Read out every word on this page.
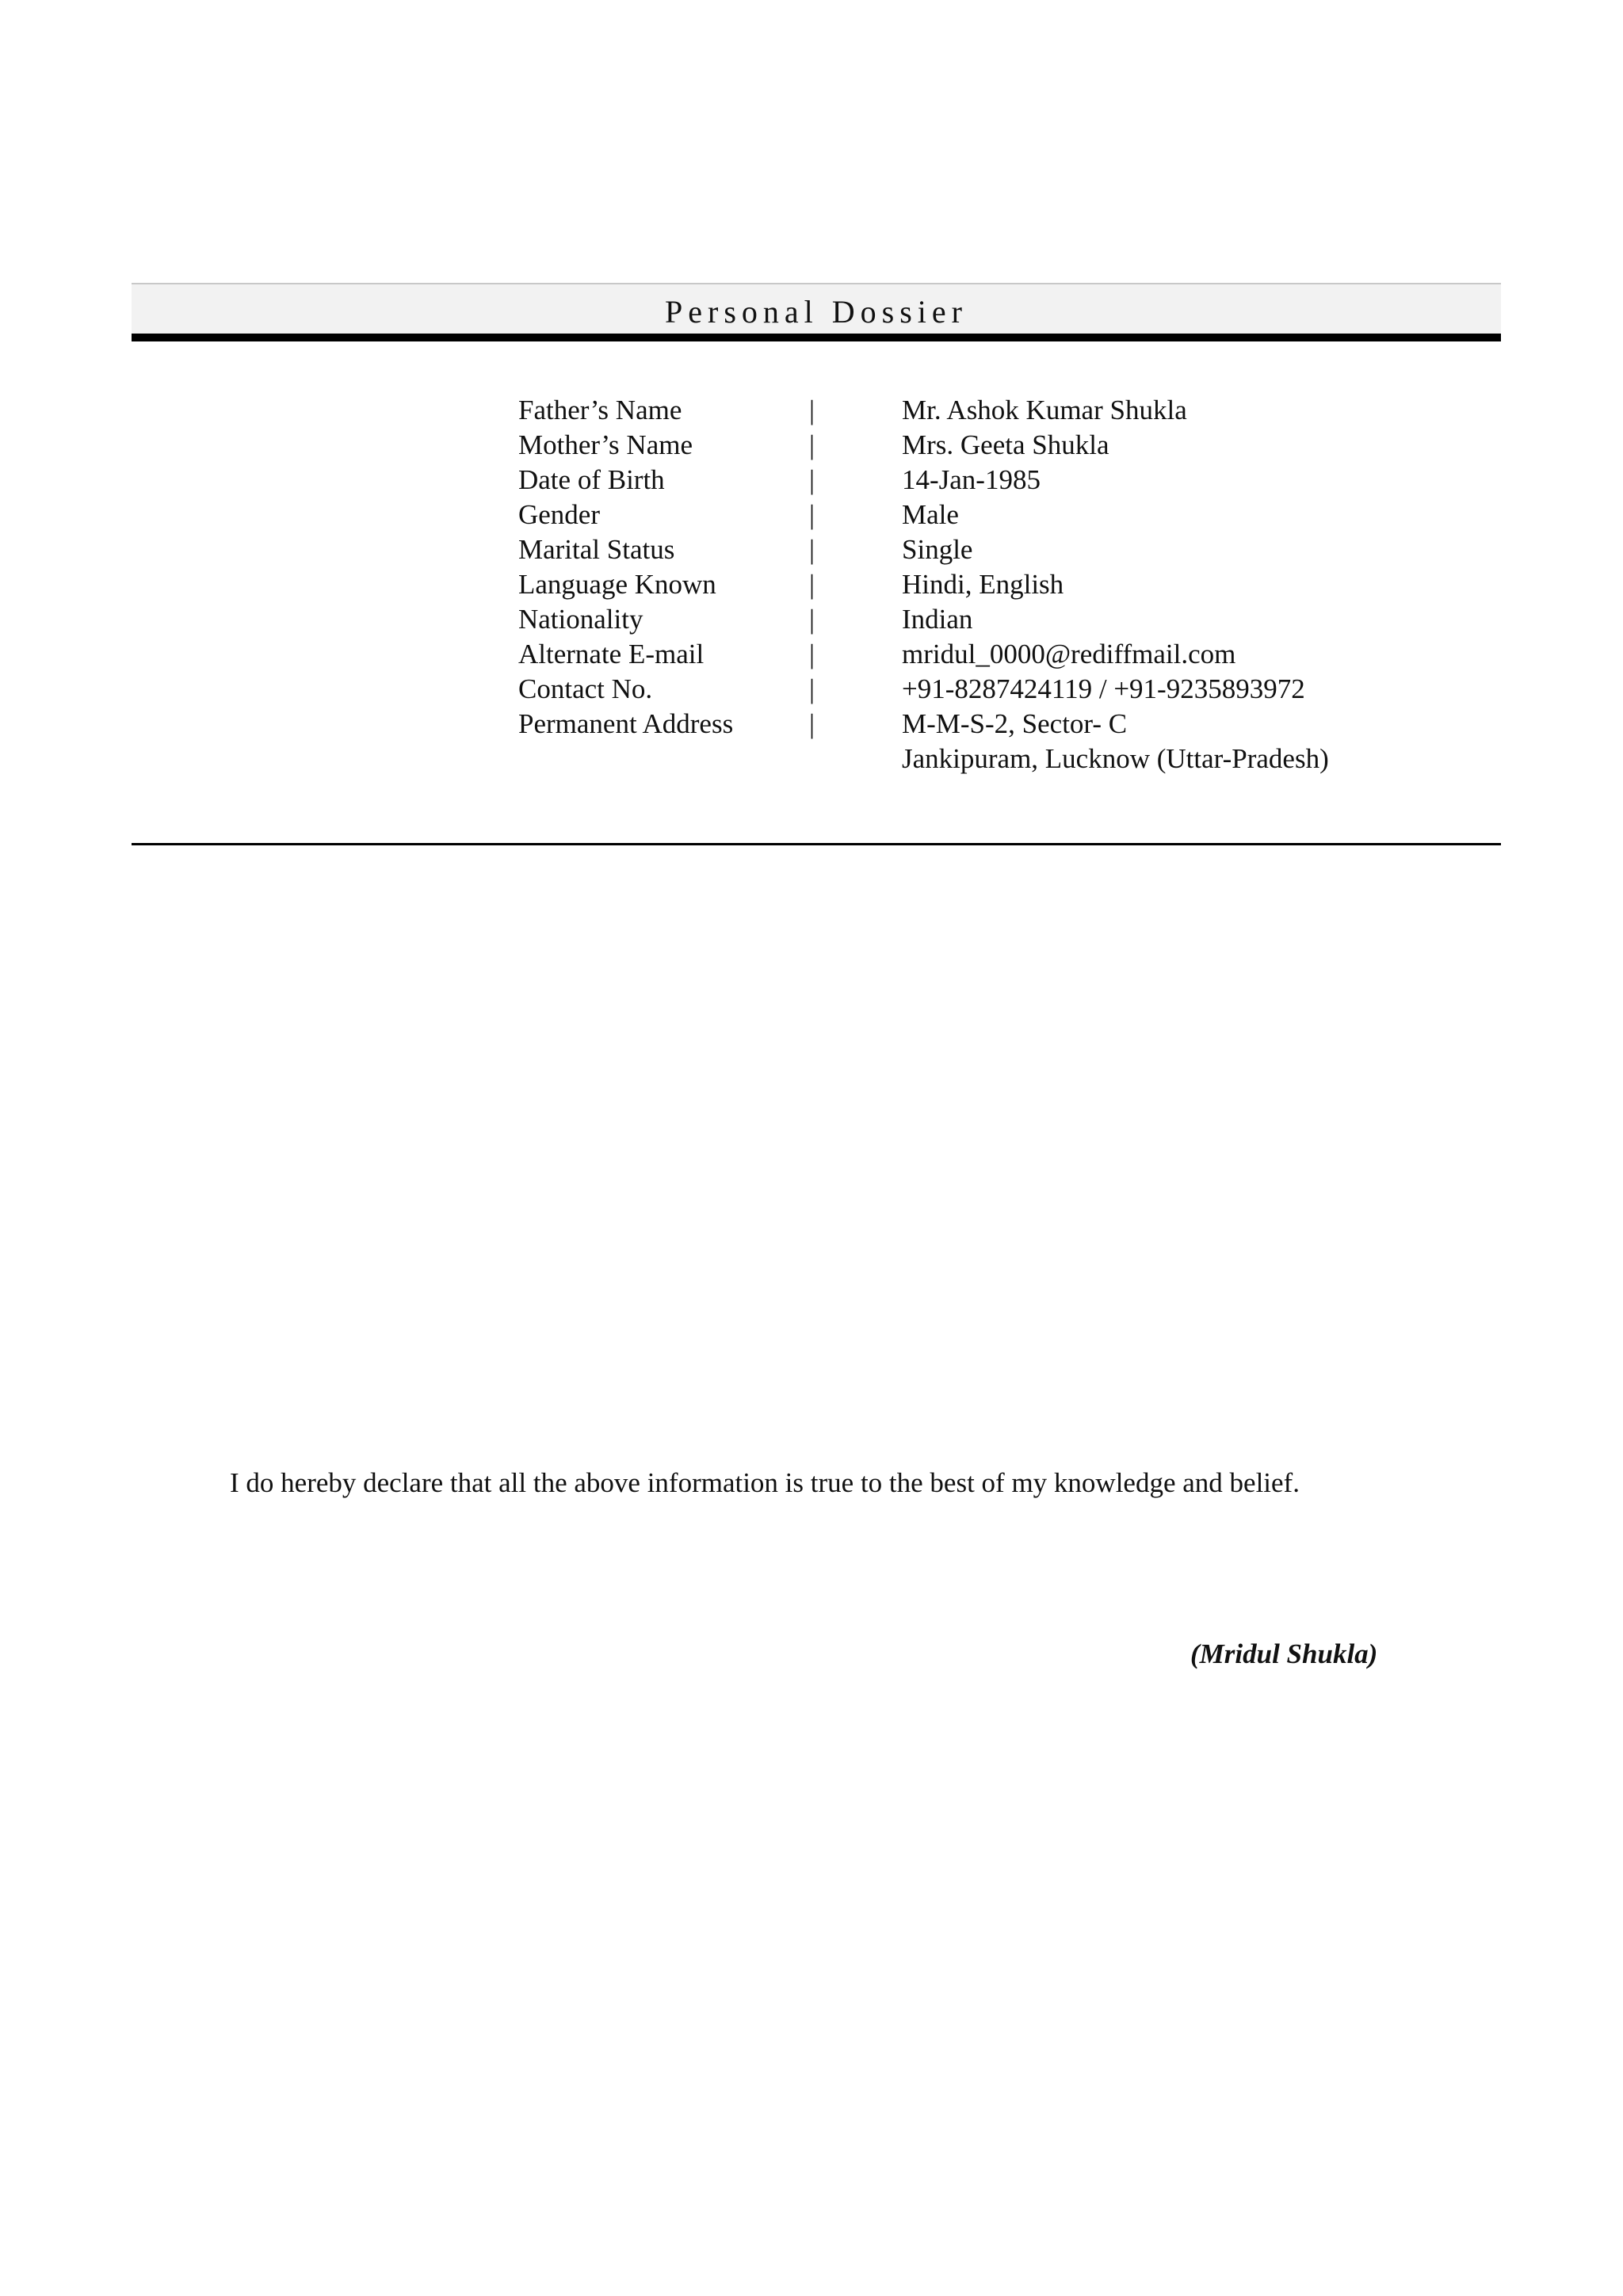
Personal Dossier
Father’s Name	|	Mr. Ashok Kumar Shukla
Mother’s Name	|	Mrs. Geeta Shukla
Date of Birth	|	14-Jan-1985
Gender	|	Male
Marital Status	|	Single
Language Known	|	Hindi, English
Nationality	|	Indian
Alternate E-mail	|	mridul_0000@rediffmail.com
Contact No.	|	+91-8287424119 / +91-9235893972
Permanent Address	|	M-M-S-2, Sector- C
Jankipuram, Lucknow (Uttar-Pradesh)
I do hereby declare that all the above information is true to the best of my knowledge and belief.
(Mridul Shukla)
